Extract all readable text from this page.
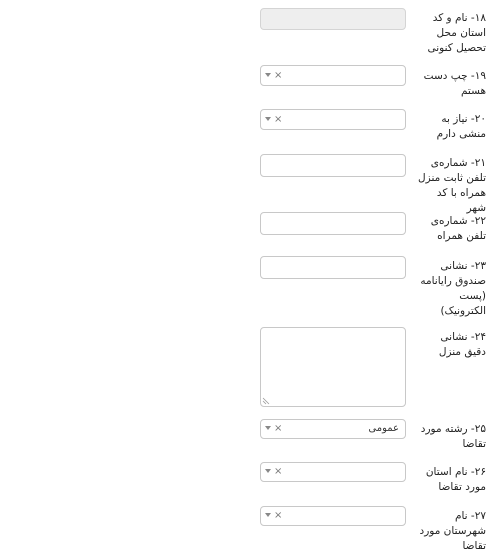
۱۸- نام و کد استان محل تحصیل کنونی
۱۹- چپ دست هستم
×
۲۰- نیاز به منشی دارم
×
۲۱- شماره‌ی تلفن ثابت منزل همراه با کد شهر
۲۲- شماره‌ی تلفن همراه
۲۳- نشانی صندوق رایانامه (پست الکترونیک)
۲۴- نشانی دقیق منزل
۲۵- رشته مورد تقاضا
×	عمومی
۲۶- نام استان مورد تقاضا
×
۲۷- نام شهرستان مورد تقاضا
×
